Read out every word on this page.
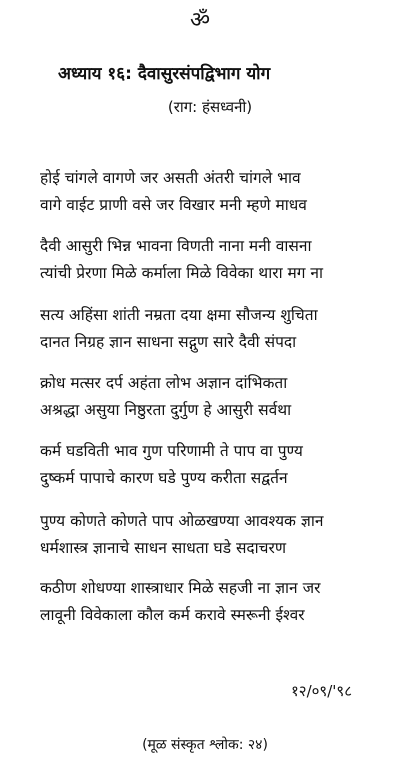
ॐ
अध्याय १६: दैवासुरसंपद्विभाग योग
(राग: हंसध्वनी)
होई चांगले वागणे जर असती अंतरी चांगले भाव
वागे वाईट प्राणी वसे जर विखार मनी म्हणे माधव
दैवी आसुरी भिन्न भावना विणती नाना मनी वासना
त्यांची प्रेरणा मिळे कर्माला मिळे विवेका थारा मग ना
सत्य अहिंसा शांती नम्रता दया क्षमा सौजन्य शुचिता
दानत निग्रह ज्ञान साधना सद्गुण सारे दैवी संपदा
क्रोध मत्सर दर्प अहंता लोभ अज्ञान दांभिकता
अश्रद्धा असुया निष्ठुरता दुर्गुण हे आसुरी सर्वथा
कर्म घडविती भाव गुण परिणामी ते पाप वा पुण्य
दुष्कर्म पापाचे कारण घडे पुण्य करीता सद्वर्तन
पुण्य कोणते कोणते पाप ओळखण्या आवश्यक ज्ञान
धर्मशास्त्र ज्ञानाचे साधन साधता घडे सदाचरण
कठीण शोधण्या शास्त्राधार मिळे सहजी ना ज्ञान जर
लावूनी विवेकाला कौल कर्म करावे स्मरूनी ईश्वर
१२/०९/'९८
(मूळ संस्कृत श्लोक: २४)
